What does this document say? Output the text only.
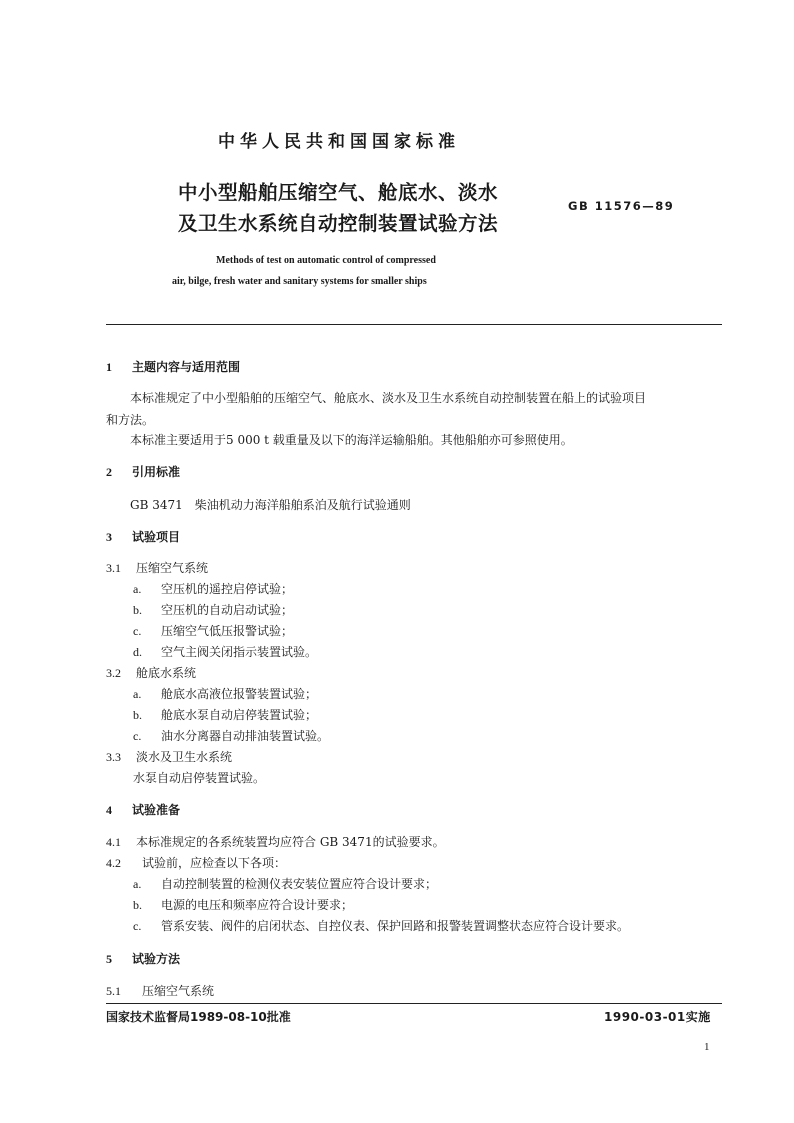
中华人民共和国国家标准
中小型船舶压缩空气、舱底水、淡水
及卫生水系统自动控制装置试验方法
GB 11576—89
Methods of test on automatic control of compressed
air, bilge, fresh water and sanitary systems for smaller ships
1 主题内容与适用范围
本标准规定了中小型船舶的压缩空气、舱底水、淡水及卫生水系统自动控制装置在船上的试验项目
和方法。
本标准主要适用于5 000 t 载重量及以下的海洋运输船舶。其他船舶亦可参照使用。
2 引用标准
GB 3471　柴油机动力海洋船舶系泊及航行试验通则
3 试验项目
3.1 压缩空气系统
a. 空压机的遥控启停试验；
b. 空压机的自动启动试验；
c. 压缩空气低压报警试验；
d. 空气主阀关闭指示装置试验。
3.2 舱底水系统
a. 舱底水高液位报警装置试验；
b. 舱底水泵自动启停装置试验；
c. 油水分离器自动排油装置试验。
3.3 淡水及卫生水系统
水泵自动启停装置试验。
4 试验准备
4.1 本标准规定的各系统装置均应符合 GB 3471的试验要求。
4.2 试验前，应检查以下各项：
a. 自动控制装置的检测仪表安装位置应符合设计要求；
b. 电源的电压和频率应符合设计要求；
c. 管系安装、阀件的启闭状态、自控仪表、保护回路和报警装置调整状态应符合设计要求。
5 试验方法
5.1 压缩空气系统
国家技术监督局1989-08-10批准	1990-03-01实施
1
